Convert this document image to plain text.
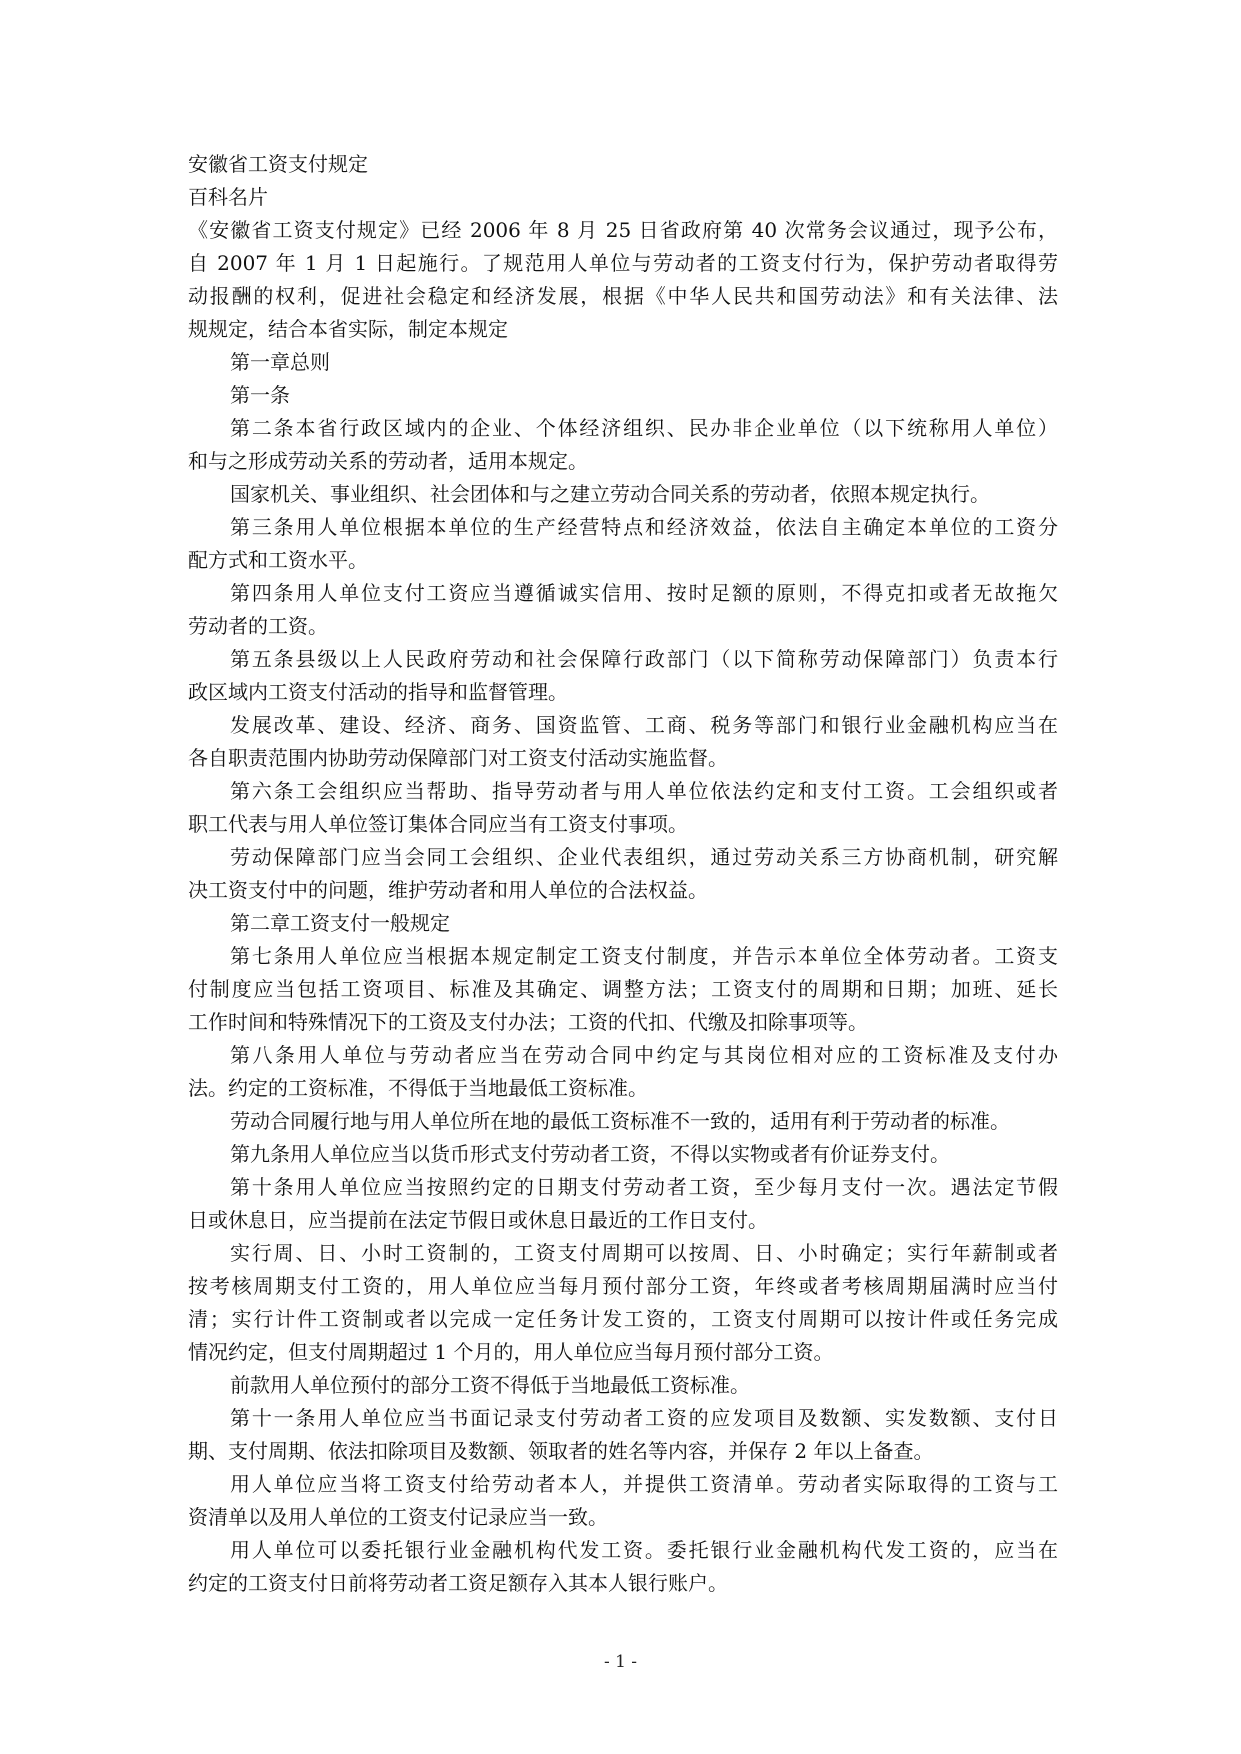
安徽省工资支付规定

百科名片

《安徽省工资支付规定》已经 2006 年 8 月 25 日省政府第 40 次常务会议通过，现予公布，

自 2007 年 1 月 1 日起施行。了规范用人单位与劳动者的工资支付行为，保护劳动者取得劳

动报酬的权利，促进社会稳定和经济发展，根据《中华人民共和国劳动法》和有关法律、法

规规定，结合本省实际，制定本规定

第一章总则

第一条

第二条本省行政区域内的企业、个体经济组织、民办非企业单位（以下统称用人单位）

和与之形成劳动关系的劳动者，适用本规定。

国家机关、事业组织、社会团体和与之建立劳动合同关系的劳动者，依照本规定执行。

第三条用人单位根据本单位的生产经营特点和经济效益，依法自主确定本单位的工资分

配方式和工资水平。

第四条用人单位支付工资应当遵循诚实信用、按时足额的原则，不得克扣或者无故拖欠

劳动者的工资。

第五条县级以上人民政府劳动和社会保障行政部门（以下简称劳动保障部门）负责本行

政区域内工资支付活动的指导和监督管理。

发展改革、建设、经济、商务、国资监管、工商、税务等部门和银行业金融机构应当在

各自职责范围内协助劳动保障部门对工资支付活动实施监督。

第六条工会组织应当帮助、指导劳动者与用人单位依法约定和支付工资。工会组织或者

职工代表与用人单位签订集体合同应当有工资支付事项。

劳动保障部门应当会同工会组织、企业代表组织，通过劳动关系三方协商机制，研究解

决工资支付中的问题，维护劳动者和用人单位的合法权益。

第二章工资支付一般规定

第七条用人单位应当根据本规定制定工资支付制度，并告示本单位全体劳动者。工资支

付制度应当包括工资项目、标准及其确定、调整方法；工资支付的周期和日期；加班、延长

工作时间和特殊情况下的工资及支付办法；工资的代扣、代缴及扣除事项等。

第八条用人单位与劳动者应当在劳动合同中约定与其岗位相对应的工资标准及支付办

法。约定的工资标准，不得低于当地最低工资标准。

劳动合同履行地与用人单位所在地的最低工资标准不一致的，适用有利于劳动者的标准。

第九条用人单位应当以货币形式支付劳动者工资，不得以实物或者有价证券支付。

第十条用人单位应当按照约定的日期支付劳动者工资，至少每月支付一次。遇法定节假

日或休息日，应当提前在法定节假日或休息日最近的工作日支付。

实行周、日、小时工资制的，工资支付周期可以按周、日、小时确定；实行年薪制或者

按考核周期支付工资的，用人单位应当每月预付部分工资，年终或者考核周期届满时应当付

清；实行计件工资制或者以完成一定任务计发工资的，工资支付周期可以按计件或任务完成

情况约定，但支付周期超过 1 个月的，用人单位应当每月预付部分工资。

前款用人单位预付的部分工资不得低于当地最低工资标准。

第十一条用人单位应当书面记录支付劳动者工资的应发项目及数额、实发数额、支付日

期、支付周期、依法扣除项目及数额、领取者的姓名等内容，并保存 2 年以上备查。

用人单位应当将工资支付给劳动者本人，并提供工资清单。劳动者实际取得的工资与工

资清单以及用人单位的工资支付记录应当一致。

用人单位可以委托银行业金融机构代发工资。委托银行业金融机构代发工资的，应当在

约定的工资支付日前将劳动者工资足额存入其本人银行账户。

- 1 -
